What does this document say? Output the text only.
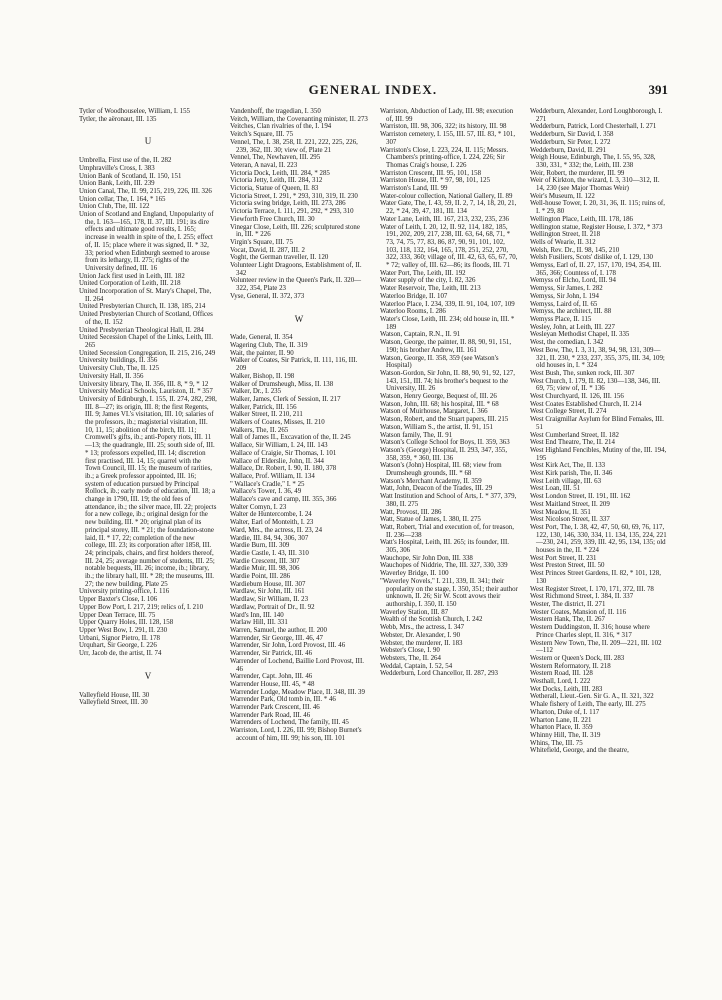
GENERAL INDEX.	391
Tytler of Woodhouselee, William, I. 155
Tytler, the aëronaut, III. 135
U
Umbrella, First use of the, II. 282
Umphraville's Cross, I. 383
Union Bank of Scotland, II. 150, 151
Union Bank, Leith, III. 239
Union Canal, The, II. 99, 215, 219, 226, III. 326
Union cellar, The, I. 164, * 165
Union Club, The, III. 122
Union of Scotland and England, Unpopularity of the, I. 163—165, 178, II. 37, III. 191; its dire effects and ultimate good results, I. 165; increase in wealth in spite of the, I. 255; effect of, II. 15; place where it was signed, II. * 32, 33; period when Edinburgh seemed to arouse from its lethargy, II. 275; rights of the University defined, III. 16
Union Jack first used in Leith, III. 182
United Corporation of Leith, III. 218
United Incorporation of St. Mary's Chapel, The, II. 264
United Presbyterian Church, II. 138, 185, 214
United Presbyterian Church of Scotland, Offices of the, II. 152
United Presbyterian Theological Hall, II. 284
United Secession Chapel of the Links, Leith, III. 265
United Secession Congregation, II. 215, 216, 249
University buildings, II. 356
University Club, The, II. 125
University Hall, II. 356
University library, The, II. 356, III. 8, * 9, * 12
University Medical Schools, Lauriston, II. * 357
University of Edinburgh, I. 155, II. 274, 282, 298, III. 8—27; its origin, III. 8; the first Regents, III. 9; James VI.'s visitation, III. 10; salaries of the professors, ib.; magisterial visitation, III. 10, 11, 15; abolition of the birch, III. 11; Cromwell's gifts, ib.; anti-Popery riots, III. 11—13; the quadrangle, III. 25; south side of, III. * 13; professors expelled, III. 14; discretion first practised, III. 14, 15; quarrel with the Town Council, III. 15; the museum of rarities, ib.; a Greek professor appointed, III. 16; system of education pursued by Principal Rollock, ib.; early mode of education, III. 18; a change in 1790, III. 19; the old fees of attendance, ib.; the silver mace, III. 22; projects for a new college, ib.; original design for the new building, III. * 20; original plan of its principal storey, III. * 21; the foundation-stone laid, II. * 17, 22; completion of the new college, III. 23; its corporation after 1858, III. 24; principals, chairs, and first holders thereof, III. 24, 25; average number of students, III. 25; notable bequests, III. 26; income, ib.; library, ib.; the library hall, III. * 28; the museums, III. 27; the new building, Plate 25
University printing-office, I. 116
Upper Baxter's Close, I. 106
Upper Bow Port, I. 217, 219; relics of, I. 210
Upper Dean Terrace, III. 75
Upper Quarry Holes, III. 128, 158
Upper West Bow, I. 291, II. 230
Urbani, Signor Pietro, II. 178
Urquhart, Sir George, I. 226
Urr, Jacob de, the artist, II. 74
V
Valleyfield House, III. 30
Valleyfield Street, III. 30
Vandenhoff, the tragedian, I. 350
Veitch, William, the Covenanting minister, II. 273
Veitches, Clan rivalries of the, I. 194
Veitch's Square, III. 75
Vennel, The, I. 38, 258, II. 221, 222, 225, 226, 239, 362, III. 30; view of, Plate 21
Vennel, The, Newhaven, III. 295
Veteran, A naval, II. 223
Victoria Dock, Leith, III. 284, * 285
Victoria Jetty, Leith, III. 284, 312
Victoria, Statue of Queen, II. 83
Victoria Street, I. 291, * 293, 310, 319, II. 230
Victoria swing bridge, Leith, III. 273, 286
Victoria Terrace, I. 111, 291, 292, * 293, 310
Viewforth Free Church, III. 30
Vinegar Close, Leith, III. 226; sculptured stone in, III. * 226
Virgin's Square, III. 75
Vocat, David, II. 287, III. 2
Voght, the German traveller, II. 120
Volunteer Light Dragoons, Establishment of, II. 342
Volunteer review in the Queen's Park, II. 320—322, 354, Plate 23
Vyse, General, II. 372, 373
W
Wade, General, II. 354
Wagering Club, The, II. 319
Wait, the painter, II. 90
Walker of Coates, Sir Patrick, II. 111, 116, III. 209
Walker, Bishop, II. 198
Walker of Drumsheugh, Miss, II. 138
Walker, Dr., I. 235
Walker, James, Clerk of Session, II. 217
Walker, Patrick, III. 156
Walker Street, II. 210, 211
Walkers of Coates, Misses, II. 210
Walkers, The, II. 265
Wall of James II., Excavation of the, II. 245
Wallace, Sir William, I. 24, III. 143
Wallace of Craigie, Sir Thomas, I. 101
Wallace of Elderslie, John, II. 344
Wallace, Dr. Robert, I. 90, II. 180, 378
Wallace, Prof. William, II. 134
" Wallace's Cradle," I. * 25
Wallace's Tower, I. 36, 49
Wallace's cave and camp, III. 355, 366
Walter Comyn, I. 23
Walter de Huntercombe, I. 24
Walter, Earl of Monteith, I. 23
Ward, Mrs., the actress, II. 23, 24
Wardie, III. 84, 94, 306, 307
Wardie Burn, III. 309
Wardie Castle, I. 43, III. 310
Wardie Crescent, III. 307
Wardie Muir, III. 98, 306
Wardie Point, III. 286
Wardiebum House, III. 307
Wardlaw, Sir John, III. 161
Wardlaw, Sir William, II. 23
Wardlaw, Portrait of Dr., II. 92
Ward's Inn, III. 140
Warlaw Hill, III. 331
Warren, Samuel, the author, II. 200
Warrender, Sir George, III. 46, 47
Warrender, Sir John, Lord Provost, III. 46
Warrender, Sir Patrick, III. 46
Warrender of Lochend, Baillie Lord Provost, III. 46
Warrender, Capt. John, III. 46
Warrender House, III. 45, * 48
Warrender Lodge, Meadow Place, II. 348, III. 39
Warrender Park, Old tomb in, III. * 46
Warrender Park Crescent, III. 46
Warrender Park Road, III. 46
Warrenders of Lochend, The family, III. 45
Warriston, Lord, I. 226, III. 99; Bishop Burnet's account of him, III. 99; his son, III. 101
Warriston, Abduction of Lady, III. 98; execution of, III. 99
Warriston, III. 98, 306, 322; its history, III. 98
Warriston cemetery, I. 155, III. 57, III. 83, * 101, 307
Warriston's Close, I. 223, 224, II. 115; Messrs. Chambers's printing-office, I. 224, 226; Sir Thomas Craig's house, I. 226
Warriston Crescent, III. 95, 101, 158
Warriston House, III. * 97, 98, 101, 125
Warriston's Land, III. 99
Water-colour collection, National Gallery, II. 89
Water Gate, The, I. 43, 59, II. 2, 7, 14, 18, 20, 21, 22, * 24, 39, 47, 181, III. 134
Water Lane, Leith, III. 167, 213, 232, 235, 236
Water of Leith, I. 20, 12, II. 92, 114, 182, 185, 191, 202, 209, 217, 238, III. 63, 64, 68, 71, * 73, 74, 75, 77, 83, 86, 87, 90, 91, 101, 102, 103, 118, 132, 164, 165, 178, 251, 252, 270, 322, 333, 360; village of, III. 42, 63, 65, 67, 70, * 72; valley of, III. 62—86; its floods, III. 71
Water Port, The, Leith, III. 192
Water supply of the city, I. 82, 326
Water Reservoir, The, Leith, III. 213
Waterloo Bridge, II. 107
Waterloo Place, I. 234, 339, II. 91, 104, 107, 109
Waterloo Rooms, I. 286
Water's Close, Leith, III. 234; old house in, III. * 189
Watson, Captain, R.N., II. 91
Watson, George, the painter, II. 88, 90, 91, 151, 190; his brother Andrew, III. 161
Watson, George, II. 358, 359 (see Watson's Hospital)
Watson-Gordon, Sir John, II. 88, 90, 91, 92, 127, 143, 151, III. 74; his brother's bequest to the University, III. 26
Watson, Henry George, Bequest of, III. 26
Watson, John, III. 68; his hospital, III. * 68
Watson of Muirhouse, Margaret, I. 366
Watson, Robert, and the Stuart papers, III. 215
Watson, William S., the artist, II. 91, 151
Watson family, The, II. 91
Watson's College School for Boys, II. 359, 363
Watson's (George) Hospital, II. 293, 347, 355, 358, 359, * 360, III. 136
Watson's (John) Hospital, III. 68; view from Drumsheugh grounds, III. * 68
Watson's Merchant Academy, II. 359
Watt, John, Deacon of the Trades, III. 29
Watt Institution and School of Arts, I. * 377, 379, 380, II. 275
Watt, Provost, III. 286
Watt, Statue of James, I. 380, II. 275
Watt, Robert, Trial and execution of, for treason, II. 236—238
Watt's Hospital, Leith, III. 265; its founder, III. 305, 306
Wauchope, Sir John Don, III. 338
Wauchopes of Niddrie, The, III. 327, 330, 339
Waverley Bridge, II. 100
"Waverley Novels," I. 211, 339, II. 341; their popularity on the stage, I. 350, 351; their author unknown, II. 26; Sir W. Scott avows their authorship, I. 350, II. 150
Waverley Station, III. 87
Wealth of the Scottish Church, I. 242
Webb, Mrs., the actress, I. 347
Webster, Dr. Alexander, I. 90
Webster, the murderer, II. 183
Webster's Close, I. 90
Websters, The, II. 264
Weddal, Captain, I. 52, 54
Wedderburn, Lord Chancellor, II. 287, 293
Wedderburn, Alexander, Lord Loughborough, I. 271
Wedderburn, Patrick, Lord Chesterhall, I. 271
Wedderburn, Sir David, I. 358
Wedderburn, Sir Peter, I. 272
Wedderburn, David, II. 291
Weigh House, Edinburgh, The, I. 55, 95, 328, 330, 331, * 332; the, Leith, III. 238
Weir, Robert, the murderer, III. 99
Weir of Kirkton, the wizard, I. 3, 310—312, II. 14, 230 (see Major Thomas Weir)
Weir's Museum, II. 122
Well-house Tower, I. 20, 31, 36, II. 115; ruins of, I. * 29, 80
Wellington Place, Leith, III. 178, 186
Wellington statue, Register House, I. 372, * 373
Wellington Street, II. 218
Wells of Wearie, II. 312
Welsh, Rev. Dr., II. 98, 145, 210
Welsh Fusiliers, Scots' dislike of, I. 129, 130
Wemyss, Earl of, II. 27, 157, 170, 194, 354, III. 365, 366; Countess of, I. 178
Wemyss of Elcho, Lord, III. 94
Wemyss, Sir James, I. 282
Wemyss, Sir John, I. 194
Wemyss, Laird of, II. 65
Wemyss, the architect, III. 88
Wemyss Place, II. 115
Wesley, John, at Leith, III. 227
Wesleyan Methodist Chapel, II. 335
West, the comedian, I. 342
West Bow, The, I. 3, 31, 38, 94, 98, 131, 309—321, II. 230, * 233, 237, 355, 375, III. 34, 109; old houses in, I. * 324
West Bush, The, sunken rock, III. 307
West Church, I. 179, II. 82, 130—138, 346, III. 69, 75; view of, II. * 136
West Churchyard, II. 126, III. 156
West Coates Established Church, II. 214
West College Street, II. 274
West Craigmillar Asylum for Blind Females, III. 51
West Cumberland Street, II. 182
West End Theatre, The, II. 214
West Highland Fencibles, Mutiny of the, III. 194, 195
West Kirk Act, The, II. 133
West Kirk parish, The, II. 346
West Leith village, III. 63
West Loan, III. 51
West London Street, II. 191, III. 162
West Maitland Street, II. 209
West Meadow, II. 351
West Nicolson Street, II. 337
West Port, The, I. 38, 42, 47, 50, 60, 69, 76, 117, 122, 130, 146, 330, 334, 11. 134, 135, 224, 221—230, 241, 259, 339, III. 42, 95, 134, 135; old houses in the, II. * 224
West Port Street, II. 231
West Preston Street, III. 50
West Princes Street Gardens, II. 82, * 101, 128, 130
West Register Street, I. 170, 171, 372, III. 78
West Richmond Street, I. 384, II. 337
Wester, The district, II. 271
Wester Coates, Mansion of, II. 116
Western Hank, The, II. 267
Western Duddingston, II. 316; house where Prince Charles slept, II. 316, * 317
Western New Town, The, II. 209—221, III. 102—112
Western or Queen's Dock, III. 283
Western Reformatory, II. 218
Western Road, III. 128
Westhall, Lord, I. 222
Wet Docks, Leith, III. 283
Wetherall, Lieut.-Gen. Sir G. A., II. 321, 322
Whale fishery of Leith, The early, III. 275
Wharton, Duke of, I. 117
Wharton Lane, II. 221
Wharton Place, II. 359
Whinny Hill, The, II. 319
Whins, The, III. 75
Whitefield, George, and the theatre,
